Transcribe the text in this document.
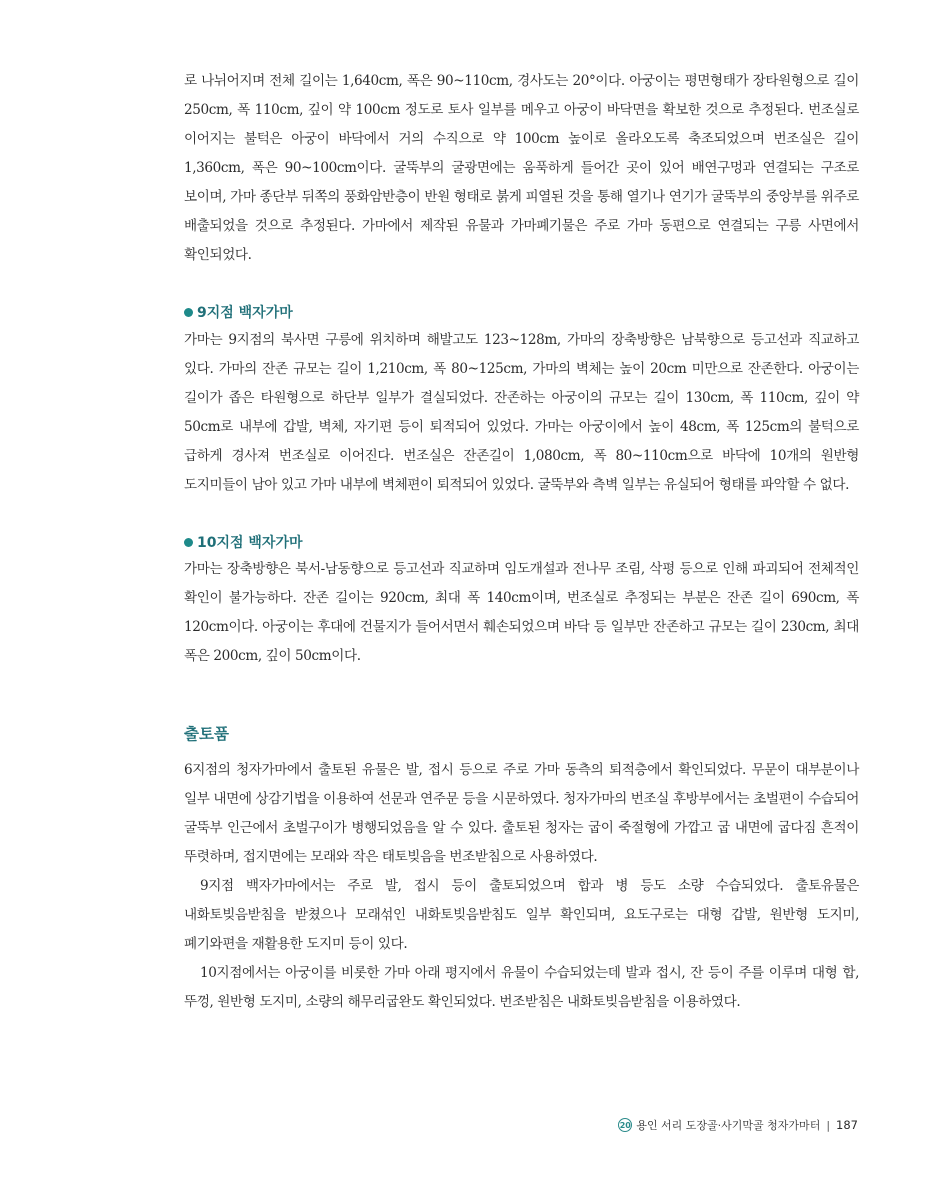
로 나뉘어지며 전체 길이는 1,640cm, 폭은 90~110cm, 경사도는 20°이다. 아궁이는 평면형태가 장타원형으로 길이 250cm, 폭 110cm, 깊이 약 100cm 정도로 토사 일부를 메우고 아궁이 바닥면을 확보한 것으로 추정된다. 번조실로 이어지는 불턱은 아궁이 바닥에서 거의 수직으로 약 100cm 높이로 올라오도록 축조되었으며 번조실은 길이 1,360cm, 폭은 90~100cm이다. 굴뚝부의 굴광면에는 움푹하게 들어간 곳이 있어 배연구멍과 연결되는 구조로 보이며, 가마 종단부 뒤쪽의 풍화암반층이 반원 형태로 붉게 피열된 것을 통해 열기나 연기가 굴뚝부의 중앙부를 위주로 배출되었을 것으로 추정된다. 가마에서 제작된 유물과 가마폐기물은 주로 가마 동편으로 연결되는 구릉 사면에서 확인되었다.

9지점 백자가마

가마는 9지점의 북사면 구릉에 위치하며 해발고도 123~128m, 가마의 장축방향은 남북향으로 등고선과 직교하고 있다. 가마의 잔존 규모는 길이 1,210cm, 폭 80~125cm, 가마의 벽체는 높이 20cm 미만으로 잔존한다. 아궁이는 길이가 좁은 타원형으로 하단부 일부가 결실되었다. 잔존하는 아궁이의 규모는 길이 130cm, 폭 110cm, 깊이 약 50cm로 내부에 갑발, 벽체, 자기편 등이 퇴적되어 있었다. 가마는 아궁이에서 높이 48cm, 폭 125cm의 불턱으로 급하게 경사져 번조실로 이어진다. 번조실은 잔존길이 1,080cm, 폭 80~110cm으로 바닥에 10개의 원반형 도지미들이 남아 있고 가마 내부에 벽체편이 퇴적되어 있었다. 굴뚝부와 측벽 일부는 유실되어 형태를 파악할 수 없다.

10지점 백자가마

가마는 장축방향은 북서-남동향으로 등고선과 직교하며 임도개설과 전나무 조림, 삭평 등으로 인해 파괴되어 전체적인 확인이 불가능하다. 잔존 길이는 920cm, 최대 폭 140cm이며, 번조실로 추정되는 부분은 잔존 길이 690cm, 폭 120cm이다. 아궁이는 후대에 건물지가 들어서면서 훼손되었으며 바닥 등 일부만 잔존하고 규모는 길이 230cm, 최대 폭은 200cm, 깊이 50cm이다.

출토품

6지점의 청자가마에서 출토된 유물은 발, 접시 등으로 주로 가마 동측의 퇴적층에서 확인되었다. 무문이 대부분이나 일부 내면에 상감기법을 이용하여 선문과 연주문 등을 시문하였다. 청자가마의 번조실 후방부에서는 초벌편이 수습되어 굴뚝부 인근에서 초벌구이가 병행되었음을 알 수 있다. 출토된 청자는 굽이 죽절형에 가깝고 굽 내면에 굽다짐 흔적이 뚜렷하며, 접지면에는 모래와 작은 태토빚음을 번조받침으로 사용하였다.

9지점 백자가마에서는 주로 발, 접시 등이 출토되었으며 합과 병 등도 소량 수습되었다. 출토유물은 내화토빚음받침을 받쳤으나 모래섞인 내화토빚음받침도 일부 확인되며, 요도구로는 대형 갑발, 원반형 도지미, 폐기와편을 재활용한 도지미 등이 있다.

10지점에서는 아궁이를 비롯한 가마 아래 평지에서 유물이 수습되었는데 발과 접시, 잔 등이 주를 이루며 대형 합, 뚜껑, 원반형 도지미, 소량의 해무리굽완도 확인되었다. 번조받침은 내화토빚음받침을 이용하였다.

20 용인 서리 도장골·사기막골 청자가마터 | 187
